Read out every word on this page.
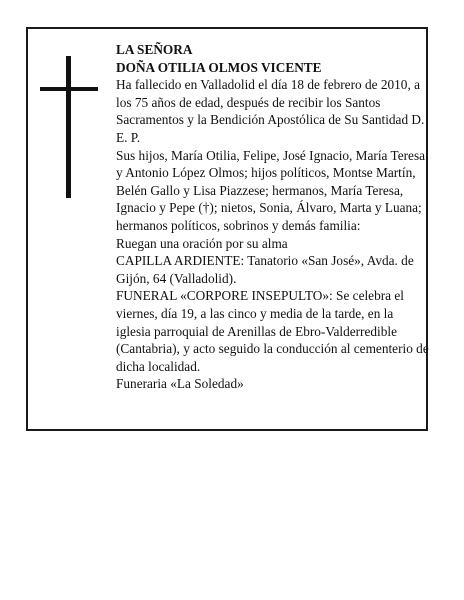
LA SEÑORA

DOÑA OTILIA OLMOS VICENTE

Ha fallecido en Valladolid el día 18 de febrero de 2010, a los 75 años de edad, después de recibir los Santos Sacramentos y la Bendición Apostólica de Su Santidad D. E. P.

Sus hijos, María Otilia, Felipe, José Ignacio, María Teresa y Antonio López Olmos; hijos políticos, Montse Martín, Belén Gallo y Lisa Piazzese; hermanos, María Teresa, Ignacio y Pepe (†); nietos, Sonia, Álvaro, Marta y Luana; hermanos políticos, sobrinos y demás familia:

Ruegan una oración por su alma

CAPILLA ARDIENTE: Tanatorio «San José», Avda. de Gijón, 64 (Valladolid).

FUNERAL «CORPORE INSEPULTO»: Se celebra el viernes, día 19, a las cinco y media de la tarde, en la iglesia parroquial de Arenillas de Ebro-Valderredible (Cantabria), y acto seguido la conducción al cementerio de dicha localidad.

Funeraria «La Soledad»
